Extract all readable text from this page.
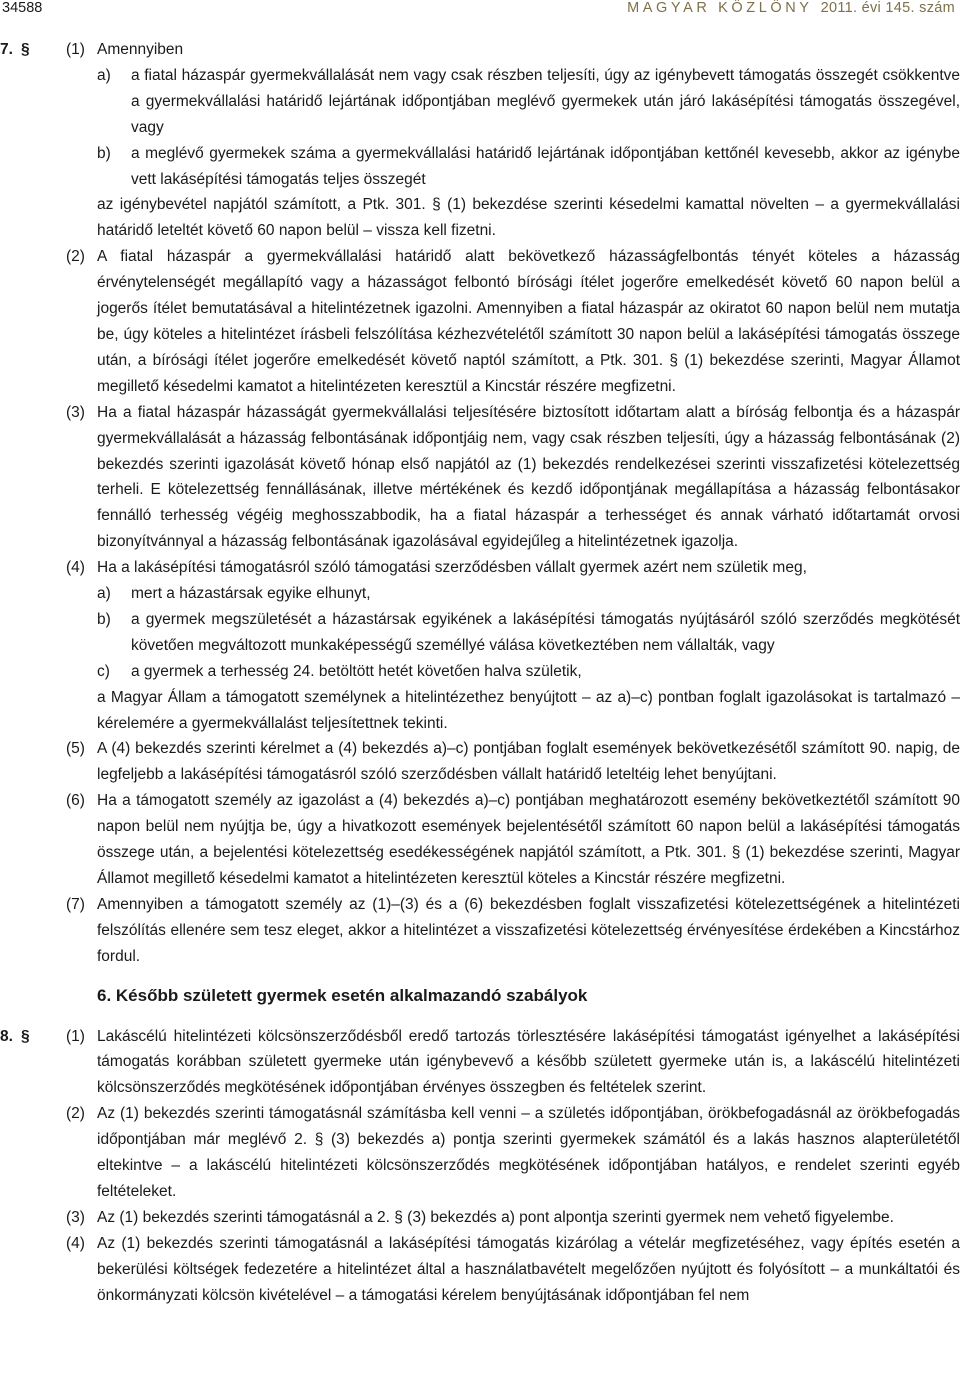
34588	MAGYAR KÖZLÖNY 2011. évi 145. szám
7. § (1) Amennyiben
a)	a fiatal házaspár gyermekvállalását nem vagy csak részben teljesíti, úgy az igénybevett támogatás összegét csökkentve a gyermekvállalási határidő lejártának időpontjában meglévő gyermekek után járó lakásépítési támogatás összegével, vagy
b)	a meglévő gyermekek száma a gyermekvállalási határidő lejártának időpontjában kettőnél kevesebb, akkor az igénybe vett lakásépítési támogatás teljes összegét
az igénybevétel napjától számított, a Ptk. 301. § (1) bekezdése szerinti késedelmi kamattal növelten – a gyermekvállalási határidő leteltét követő 60 napon belül – vissza kell fizetni.
(2) A fiatal házaspár a gyermekvállalási határidő alatt bekövetkező házasságfelbontás tényét köteles a házasság érvénytelenségét megállapító vagy a házasságot felbontó bírósági ítélet jogerőre emelkedését követő 60 napon belül a jogerős ítélet bemutatásával a hitelintézetnek igazolni. Amennyiben a fiatal házaspár az okiratot 60 napon belül nem mutatja be, úgy köteles a hitelintézet írásbeli felszólítása kézhezvételétől számított 30 napon belül a lakásépítési támogatás összege után, a bírósági ítélet jogerőre emelkedését követő naptól számított, a Ptk. 301. § (1) bekezdése szerinti, Magyar Államot megillető késedelmi kamatot a hitelintézeten keresztül a Kincstár részére megfizetni.
(3) Ha a fiatal házaspár házasságát gyermekvállalási teljesítésére biztosított időtartam alatt a bíróság felbontja és a házaspár gyermekvállalását a házasság felbontásának időpontjáig nem, vagy csak részben teljesíti, úgy a házasság felbontásának (2) bekezdés szerinti igazolását követő hónap első napjától az (1) bekezdés rendelkezései szerinti visszafizetési kötelezettség terheli. E kötelezettség fennállásának, illetve mértékének és kezdő időpontjának megállapítása a házasság felbontásakor fennálló terhesség végéig meghosszabbodik, ha a fiatal házaspár a terhességet és annak várható időtartamát orvosi bizonyítvánnyal a házasság felbontásának igazolásával egyidejűleg a hitelintézetnek igazolja.
(4) Ha a lakásépítési támogatásról szóló támogatási szerződésben vállalt gyermek azért nem születik meg,
a)	mert a házastársak egyike elhunyt,
b)	a gyermek megszületését a házastársak egyikének a lakásépítési támogatás nyújtásáról szóló szerződés megkötését követően megváltozott munkaképességű személlyé válása következtében nem vállalták, vagy
c)	a gyermek a terhesség 24. betöltött hetét követően halva születik,
a Magyar Állam a támogatott személynek a hitelintézethez benyújtott – az a)–c) pontban foglalt igazolásokat is tartalmazó – kérelemére a gyermekvállalást teljesítettnek tekinti.
(5) A (4) bekezdés szerinti kérelmet a (4) bekezdés a)–c) pontjában foglalt események bekövetkezésétől számított 90. napig, de legfeljebb a lakásépítési támogatásról szóló szerződésben vállalt határidő leteltéig lehet benyújtani.
(6) Ha a támogatott személy az igazolást a (4) bekezdés a)–c) pontjában meghatározott esemény bekövetkeztétől számított 90 napon belül nem nyújtja be, úgy a hivatkozott események bejelentésétől számított 60 napon belül a lakásépítési támogatás összege után, a bejelentési kötelezettség esedékességének napjától számított, a Ptk. 301. § (1) bekezdése szerinti, Magyar Államot megillető késedelmi kamatot a hitelintézeten keresztül köteles a Kincstár részére megfizetni.
(7) Amennyiben a támogatott személy az (1)–(3) és a (6) bekezdésben foglalt visszafizetési kötelezettségének a hitelintézeti felszólítás ellenére sem tesz eleget, akkor a hitelintézet a visszafizetési kötelezettség érvényesítése érdekében a Kincstárhoz fordul.
6. Később született gyermek esetén alkalmazandó szabályok
8. § (1) Lakáscélú hitelintézeti kölcsönszerződésből eredő tartozás törlesztésére lakásépítési támogatást igényelhet a lakásépítési támogatás korábban született gyermeke után igénybevevő a később született gyermeke után is, a lakáscélú hitelintézeti kölcsönszerződés megkötésének időpontjában érvényes összegben és feltételek szerint.
(2) Az (1) bekezdés szerinti támogatásnál számításba kell venni – a születés időpontjában, örökbefogadásnál az örökbefogadás időpontjában már meglévő 2. § (3) bekezdés a) pontja szerinti gyermekek számától és a lakás hasznos alapterületétől eltekintve – a lakáscélú hitelintézeti kölcsönszerződés megkötésének időpontjában hatályos, e rendelet szerinti egyéb feltételeket.
(3) Az (1) bekezdés szerinti támogatásnál a 2. § (3) bekezdés a) pont alpontja szerinti gyermek nem vehető figyelembe.
(4) Az (1) bekezdés szerinti támogatásnál a lakásépítési támogatás kizárólag a vételár megfizetéséhez, vagy építés esetén a bekerülési költségek fedezetére a hitelintézet által a használatbavételt megelőzően nyújtott és folyósított – a munkáltatói és önkormányzati kölcsön kivételével – a támogatási kérelem benyújtásának időpontjában fel nem
